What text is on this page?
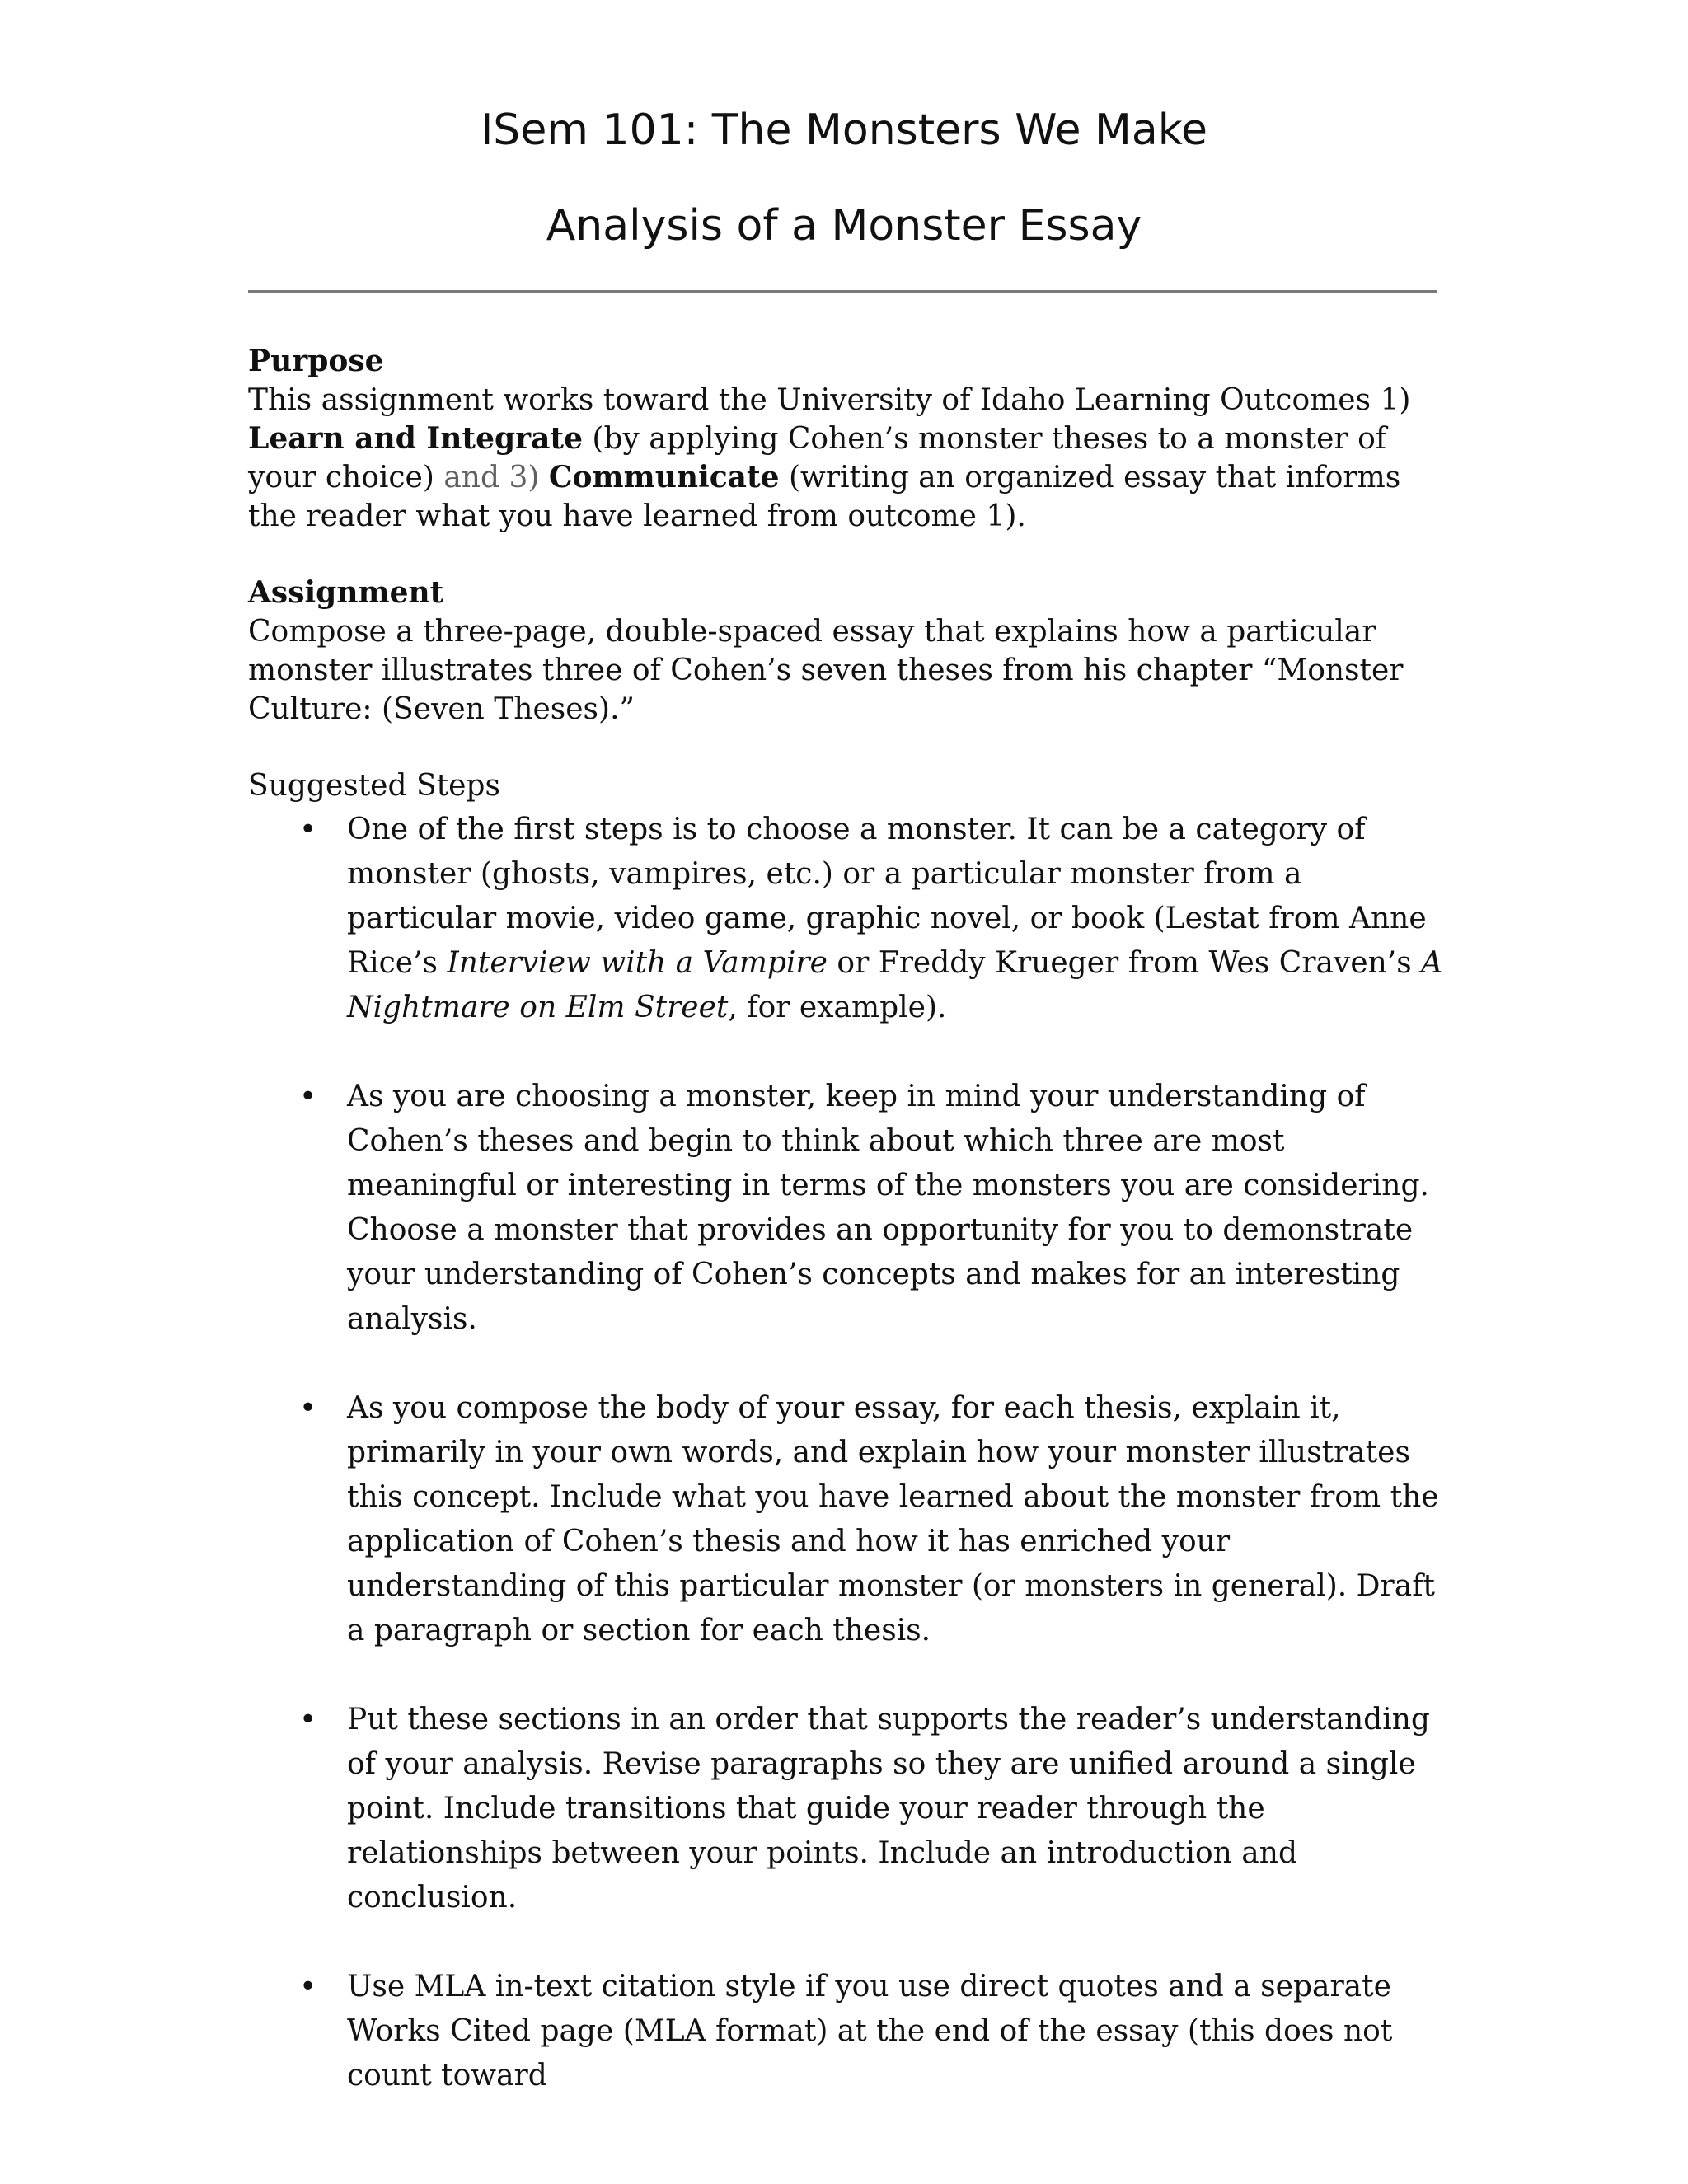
ISem 101: The Monsters We Make
Analysis of a Monster Essay

Purpose

This assignment works toward the University of Idaho Learning Outcomes 1) Learn and Integrate (by applying Cohen’s monster theses to a monster of your choice) and 3) Communicate (writing an organized essay that informs the reader what you have learned from outcome 1).

Assignment

Compose a three-page, double-spaced essay that explains how a particular monster illustrates three of Cohen’s seven theses from his chapter “Monster Culture: (Seven Theses).”

Suggested Steps

• One of the first steps is to choose a monster. It can be a category of monster (ghosts, vampires, etc.) or a particular monster from a particular movie, video game, graphic novel, or book (Lestat from Anne Rice’s Interview with a Vampire or Freddy Krueger from Wes Craven’s A Nightmare on Elm Street, for example).
• As you are choosing a monster, keep in mind your understanding of Cohen’s theses and begin to think about which three are most meaningful or interesting in terms of the monsters you are considering. Choose a monster that provides an opportunity for you to demonstrate your understanding of Cohen’s concepts and makes for an interesting analysis.
• As you compose the body of your essay, for each thesis, explain it, primarily in your own words, and explain how your monster illustrates this concept. Include what you have learned about the monster from the application of Cohen’s thesis and how it has enriched your understanding of this particular monster (or monsters in general). Draft a paragraph or section for each thesis.
• Put these sections in an order that supports the reader’s understanding of your analysis. Revise paragraphs so they are unified around a single point. Include transitions that guide your reader through the relationships between your points. Include an introduction and conclusion.
• Use MLA in-text citation style if you use direct quotes and a separate Works Cited page (MLA format) at the end of the essay (this does not count toward
